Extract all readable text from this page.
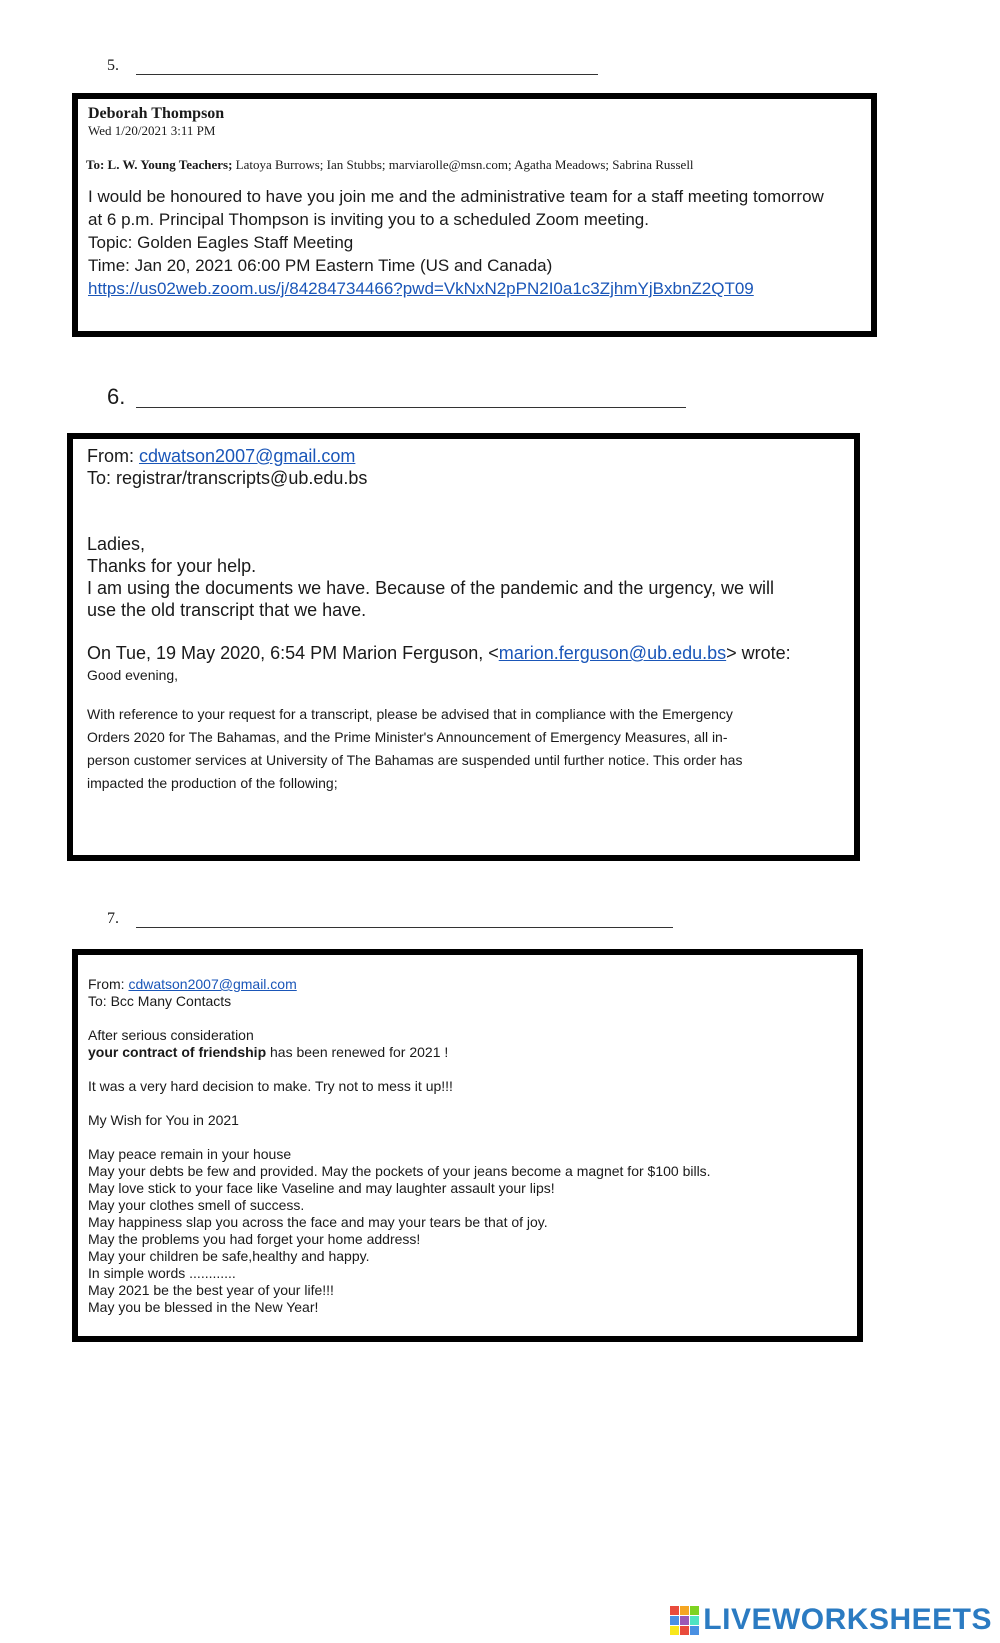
5.
Deborah Thompson
Wed 1/20/2021 3:11 PM
To: L. W. Young Teachers; Latoya Burrows; Ian Stubbs; marviarolle@msn.com; Agatha Meadows; Sabrina Russell
I would be honoured to have you join me and the administrative team for a staff meeting tomorrow
at 6 p.m. Principal Thompson is inviting you to a scheduled Zoom meeting.
Topic: Golden Eagles Staff Meeting
Time: Jan 20, 2021 06:00 PM Eastern Time (US and Canada)
https://us02web.zoom.us/j/84284734466?pwd=VkNxN2pPN2I0a1c3ZjhmYjBxbnZ2QT09
6.
From: cdwatson2007@gmail.com
To: registrar/transcripts@ub.edu.bs
Ladies,
Thanks for your help.
I am using the documents we have. Because of the pandemic and the urgency, we will
use the old transcript that we have.
On Tue, 19 May 2020, 6:54 PM Marion Ferguson, <marion.ferguson@ub.edu.bs> wrote:
Good evening,
With reference to your request for a transcript, please be advised that in compliance with the Emergency
Orders 2020 for The Bahamas, and the Prime Minister's Announcement of Emergency Measures, all in-
person customer services at University of The Bahamas are suspended until further notice. This order has
impacted the production of the following;
7.
From: cdwatson2007@gmail.com
To: Bcc Many Contacts
After serious consideration
your contract of friendship has been renewed for 2021 !
It was a very hard decision to make. Try not to mess it up!!!
My Wish for You in 2021
May peace remain in your house
May your debts be few and provided. May the pockets of your jeans become a magnet for $100 bills.
May love stick to your face like Vaseline and may laughter assault your lips!
May your clothes smell of success.
May happiness slap you across the face and may your tears be that of joy.
May the problems you had forget your home address!
May your children be safe,healthy and happy.
In simple words ............
May 2021 be the best year of your life!!!
May you be blessed in the New Year!
LIVEWORKSHEETS
